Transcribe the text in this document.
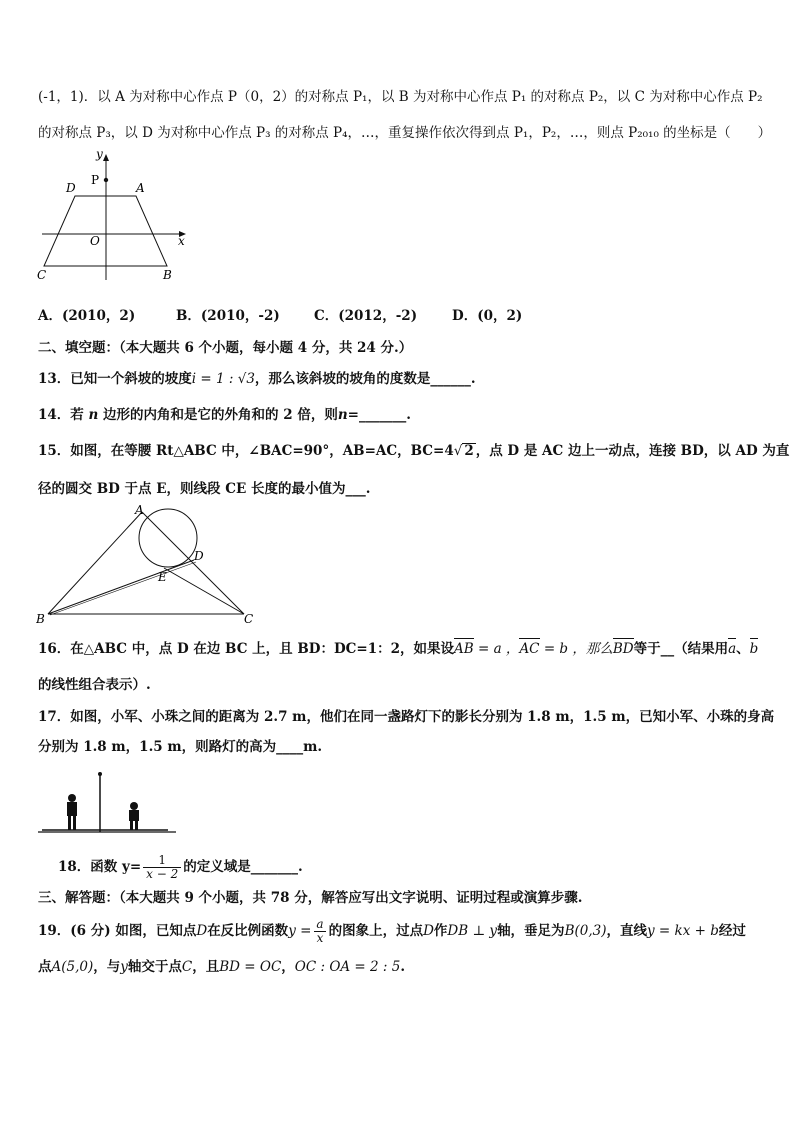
(-1，1)．以 A 为对称中心作点 P（0，2）的对称点 P₁，以 B 为对称中心作点 P₁ 的对称点 P₂，以 C 为对称中心作点 P₂
的对称点 P₃，以 D 为对称中心作点 P₃ 的对称点 P₄，…，重复操作依次得到点 P₁，P₂，…，则点 P₂₀₁₀ 的坐标是（　　）
y
P
D	A
O	x
C	B
A．(2010，2)	B．(2010，-2)	C．(2012，-2)	D．(0，2)
二、填空题：（本大题共 6 个小题，每小题 4 分，共 24 分.）
13．已知一个斜坡的坡度i = 1 : √3，那么该斜坡的坡角的度数是______.
14．若 n 边形的内角和是它的外角和的 2 倍，则n=_______.
15．如图，在等腰 Rt△ABC 中，∠BAC=90°，AB=AC，BC=4√ 2 ，点 D 是 AC 边上一动点，连接 BD，以 AD 为直
径的圆交 BD 于点 E，则线段 CE 长度的最小值为___.
A
D
E
B	C
16．在△ABC 中，点 D 在边 BC 上，且 BD：DC=1：2，如果设AB = a ，AC = b ，那么BD等于__（结果用a、b
的线性组合表示）.
17．如图，小军、小珠之间的距离为 2.7 m，他们在同一盏路灯下的影长分别为 1.8 m，1.5 m，已知小军、小珠的身高
分别为 1.8 m，1.5 m，则路灯的高为____m.
18．函数 $y= \frac{1}{x - 2}$ 的定义域是_______.
三、解答题：（本大题共 9 个小题，共 78 分，解答应写出文字说明、证明过程或演算步骤.
19．(6 分) 如图，已知点D在反比例函数$y = \frac{a}{x}$ 的图象上，过点D作DB ⊥ y轴，垂足为B(0,3)，直线y = kx + b经过
点A(5,0)，与y轴交于点C，且BD = OC，OC : OA = 2 : 5.
